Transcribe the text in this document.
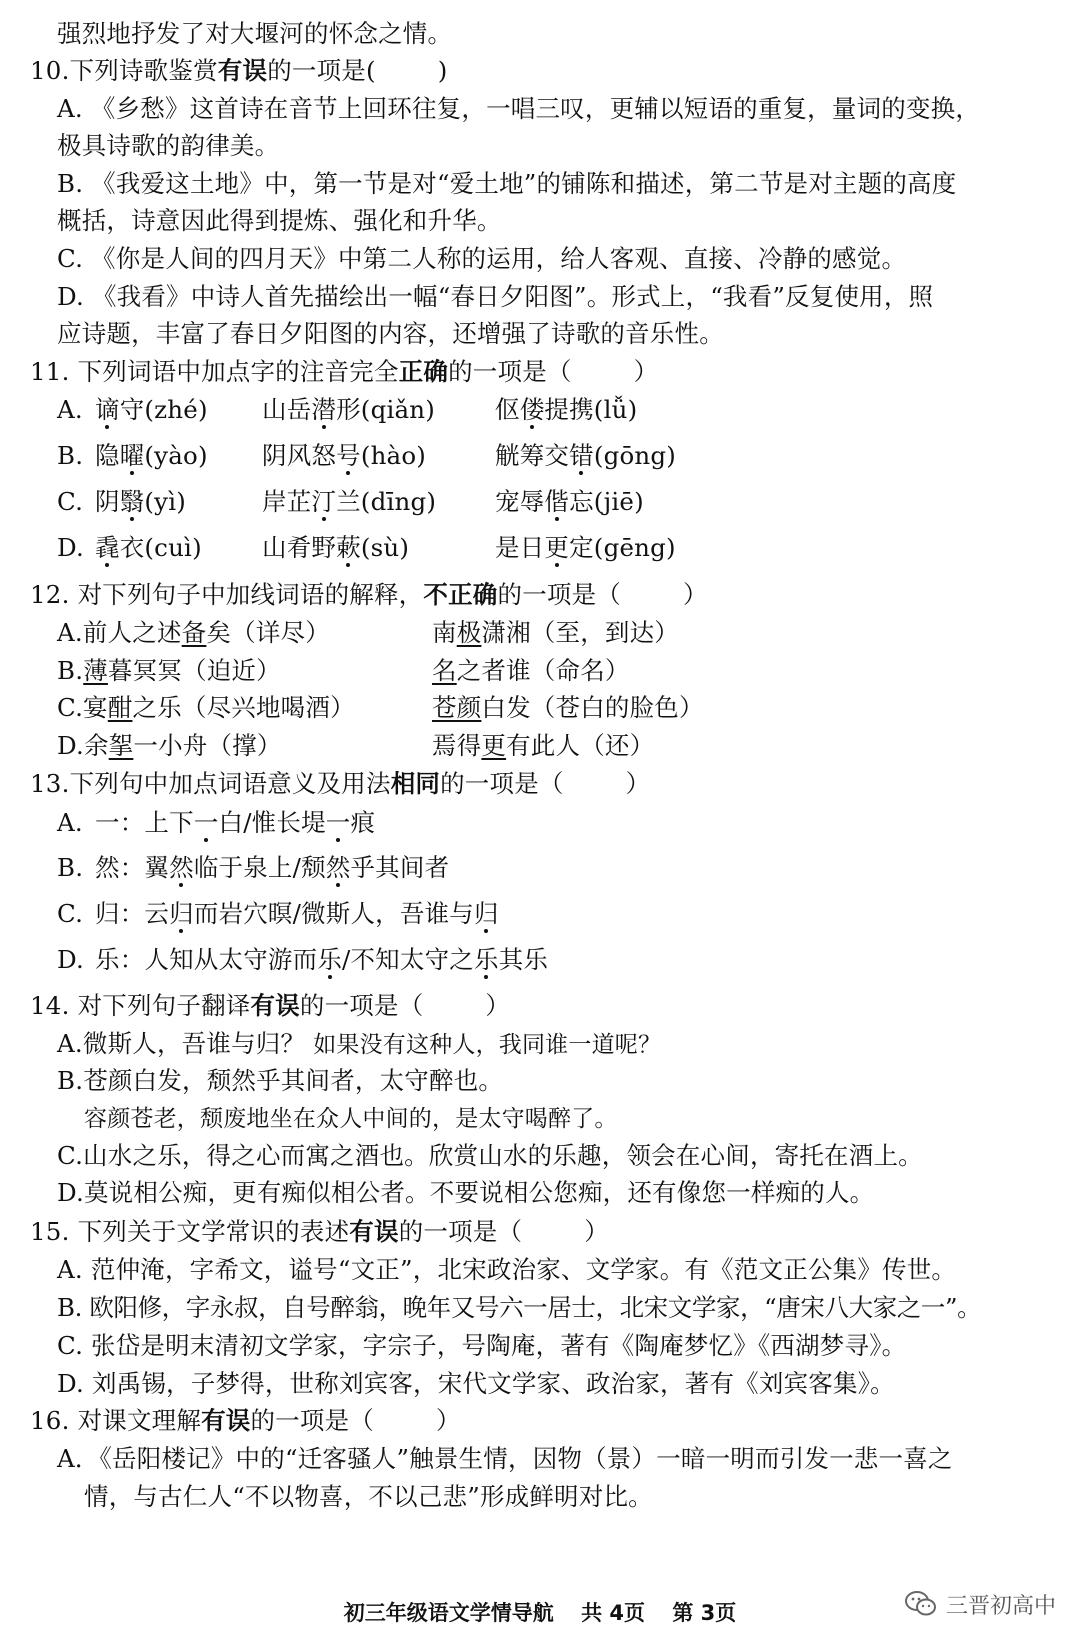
强烈地抒发了对大堰河的怀念之情。
10.下列诗歌鉴赏有误的一项是(	)
A. 《乡愁》这首诗在音节上回环往复，一唱三叹，更辅以短语的重复，量词的变换，
极具诗歌的韵律美。
B. 《我爱这土地》中，第一节是对“爱土地”的铺陈和描述，第二节是对主题的高度
概括，诗意因此得到提炼、强化和升华。
C. 《你是人间的四月天》中第二人称的运用，给人客观、直接、冷静的感觉。
D. 《我看》中诗人首先描绘出一幅“春日夕阳图”。形式上，“我看”反复使用，照
应诗题，丰富了春日夕阳图的内容，还增强了诗歌的音乐性。
11. 下列词语中加点字的注音完全正确的一项是（	）
A. 谪守(zhé) 山岳潜形(qiǎn) 伛偻提携(lǚ)
B. 隐曜(yào) 阴风怒号(hào)	觥筹交错(gōng)
C. 阴翳(yì)	岸芷汀兰(dīng) 宠辱偕忘(jiē)
D. 毳衣(cuì) 山肴野蔌(sù)	是日更定(gēng)
12. 对下列句子中加线词语的解释，不正确的一项是（	）
A.前人之述备矣（详尽）	南极潇湘（至，到达）
B.薄暮冥冥（迫近）	名之者谁（命名）
C.宴酣之乐（尽兴地喝酒）	苍颜白发（苍白的脸色）
D.余挐一小舟（撑）	焉得更有此人（还）
13.下列句中加点词语意义及用法相同的一项是（	）
A. 一：上下一白/惟长堤一痕
B. 然：翼然临于泉上/颓然乎其间者
C. 归：云归而岩穴暝/微斯人，吾谁与归
D. 乐：人知从太守游而乐/不知太守之乐其乐
14. 对下列句子翻译有误的一项是（	）
A.微斯人，吾谁与归？ 如果没有这种人，我同谁一道呢？
B.苍颜白发，颓然乎其间者，太守醉也。
容颜苍老，颓废地坐在众人中间的，是太守喝醉了。
C.山水之乐，得之心而寓之酒也。欣赏山水的乐趣，领会在心间，寄托在酒上。
D.莫说相公痴，更有痴似相公者。不要说相公您痴，还有像您一样痴的人。
15. 下列关于文学常识的表述有误的一项是（	）
A. 范仲淹，字希文，谥号“文正”，北宋政治家、文学家。有《范文正公集》传世。
B. 欧阳修，字永叔，自号醉翁，晚年又号六一居士，北宋文学家，“唐宋八大家之一”。
C. 张岱是明末清初文学家，字宗子，号陶庵，著有《陶庵梦忆》《西湖梦寻》。
D. 刘禹锡，子梦得，世称刘宾客，宋代文学家、政治家，著有《刘宾客集》。
16. 对课文理解有误的一项是（	）
A．《岳阳楼记》中的“迁客骚人”触景生情，因物（景）一暗一明而引发一悲一喜之
情，与古仁人“不以物喜，不以己悲”形成鲜明对比。
初三年级语文学情导航 共 4页 第 3页	三晋初高中
